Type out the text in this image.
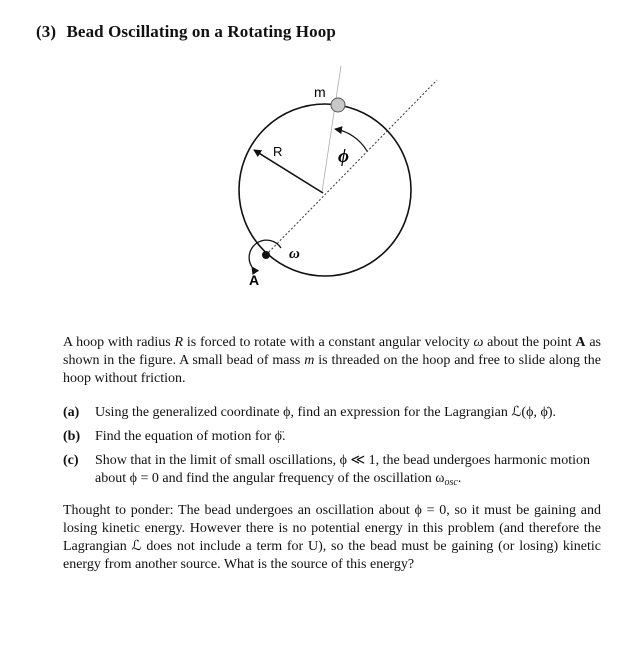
(3) Bead Oscillating on a Rotating Hoop
m
R	ϕ
ω
A
A hoop with radius R is forced to rotate with a constant angular velocity ω about the point A as shown in the figure. A small bead of mass m is threaded on the hoop and free to slide along the hoop without friction.
(a)	Using the generalized coordinate ϕ, find an expression for the Lagrangian ℒ(ϕ, ϕ̇).
(b)	Find the equation of motion for ϕ̈.
(c)	Show that in the limit of small oscillations, ϕ ≪ 1, the bead undergoes harmonic motion about ϕ = 0 and find the angular frequency of the oscillation $\omega_{osc}$.
Thought to ponder: The bead undergoes an oscillation about ϕ = 0, so it must be gaining and losing kinetic energy. However there is no potential energy in this problem (and therefore the Lagrangian ℒ does not include a term for U), so the bead must be gaining (or losing) kinetic energy from another source. What is the source of this energy?
